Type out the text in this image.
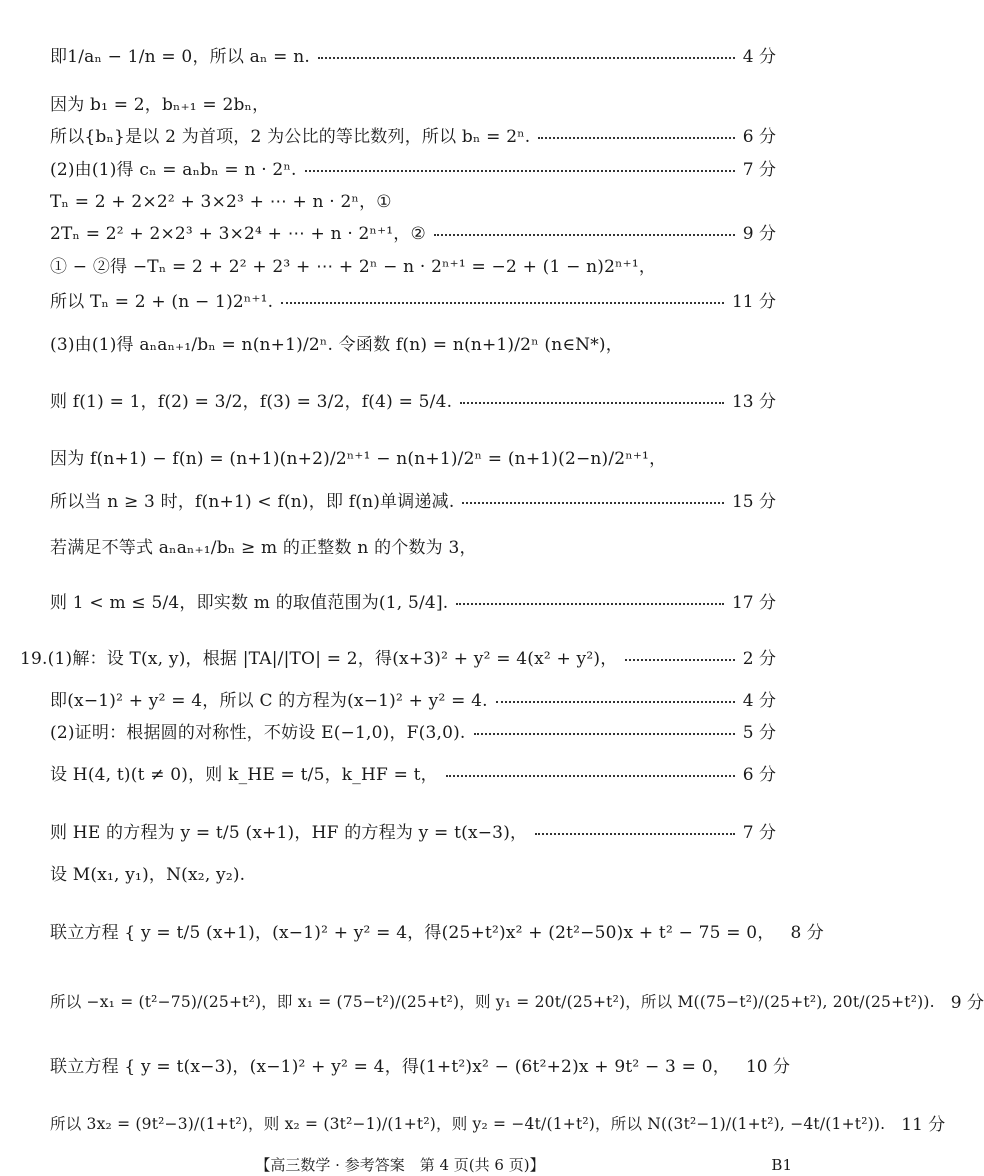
即1/aₙ − 1/n = 0，所以 aₙ = n.	4 分
因为 b₁ = 2，bₙ₊₁ = 2bₙ，
所以{bₙ}是以 2 为首项，2 为公比的等比数列，所以 bₙ = 2ⁿ.	6 分
(2)由(1)得 cₙ = aₙbₙ = n · 2ⁿ.	7 分
Tₙ = 2 + 2×2² + 3×2³ + ⋯ + n · 2ⁿ，①
2Tₙ = 2² + 2×2³ + 3×2⁴ + ⋯ + n · 2ⁿ⁺¹，②	9 分
① − ②得 −Tₙ = 2 + 2² + 2³ + ⋯ + 2ⁿ − n · 2ⁿ⁺¹ = −2 + (1 − n)2ⁿ⁺¹，
所以 Tₙ = 2 + (n − 1)2ⁿ⁺¹.	11 分
(3)由(1)得 aₙaₙ₊₁/bₙ = n(n+1)/2ⁿ. 令函数 f(n) = n(n+1)/2ⁿ (n∈N*)，
则 f(1) = 1，f(2) = 3/2，f(3) = 3/2，f(4) = 5/4.	13 分
因为 f(n+1) − f(n) = (n+1)(n+2)/2ⁿ⁺¹ − n(n+1)/2ⁿ = (n+1)(2−n)/2ⁿ⁺¹，
所以当 n ≥ 3 时，f(n+1) < f(n)，即 f(n)单调递减.	15 分
若满足不等式 aₙaₙ₊₁/bₙ ≥ m 的正整数 n 的个数为 3，
则 1 < m ≤ 5/4，即实数 m 的取值范围为(1, 5/4].	17 分
19.(1)解：设 T(x, y)，根据 |TA|/|TO| = 2，得(x+3)² + y² = 4(x² + y²)，	2 分
即(x−1)² + y² = 4，所以 C 的方程为(x−1)² + y² = 4.	4 分
(2)证明：根据圆的对称性，不妨设 E(−1,0)，F(3,0).	5 分
设 H(4, t)(t ≠ 0)，则 k_HE = t/5，k_HF = t，	6 分
则 HE 的方程为 y = t/5 (x+1)，HF 的方程为 y = t(x−3)，	7 分
设 M(x₁, y₁)，N(x₂, y₂).
联立方程 { y = t/5 (x+1)，(x−1)² + y² = 4，得(25+t²)x² + (2t²−50)x + t² − 75 = 0， 8 分
所以 −x₁ = (t²−75)/(25+t²)，即 x₁ = (75−t²)/(25+t²)，则 y₁ = 20t/(25+t²)，所以 M((75−t²)/(25+t²), 20t/(25+t²)). 9 分
联立方程 { y = t(x−3)，(x−1)² + y² = 4，得(1+t²)x² − (6t²+2)x + 9t² − 3 = 0， 10 分
所以 3x₂ = (9t²−3)/(1+t²)，则 x₂ = (3t²−1)/(1+t²)，则 y₂ = −4t/(1+t²)，所以 N((3t²−1)/(1+t²), −4t/(1+t²)). 11 分
【高三数学 · 参考答案　第 4 页(共 6 页)】	B1
